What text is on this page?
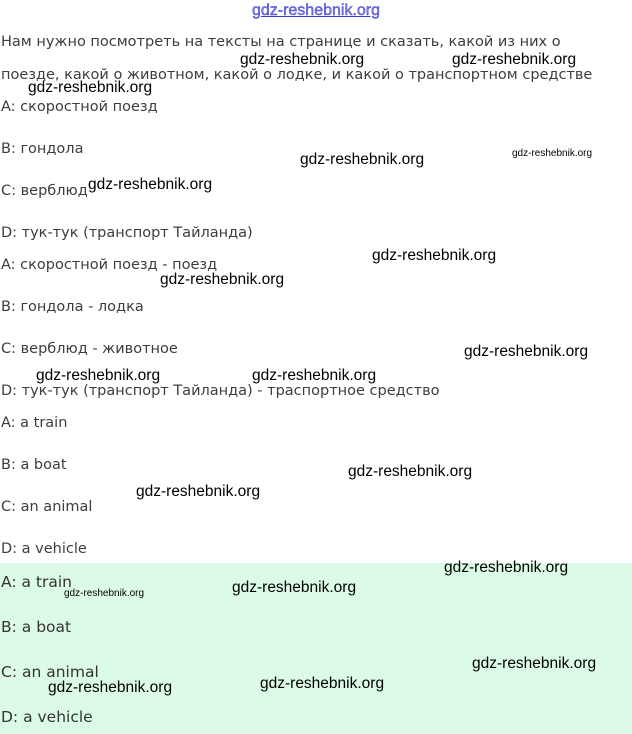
gdz-reshebnik.org
Нам нужно посмотреть на тексты на странице и сказать, какой из них о
поезде, какой о животном, какой о лодке, и какой о транспортном средстве
A: скоростной поезд
B: гондола
C: верблюд
D: тук-тук (транспорт Тайланда)
A: скоростной поезд - поезд
B: гондола - лодка
C: верблюд - животное
D: тук-тук (транспорт Тайланда) - траспортное средство
A: a train
B: a boat
C: an animal
D: a vehicle
A: a train
B: a boat
C: an animal
D: a vehicle
gdz-reshebnik.org	gdz-reshebnik.org
gdz-reshebnik.org
gdz-reshebnik.org	gdz-reshebnik.org
gdz-reshebnik.org
gdz-reshebnik.org
gdz-reshebnik.org
gdz-reshebnik.org
gdz-reshebnik.org	gdz-reshebnik.org
gdz-reshebnik.org
gdz-reshebnik.org
gdz-reshebnik.org
gdz-reshebnik.org
gdz-reshebnik.org
gdz-reshebnik.org
gdz-reshebnik.org	gdz-reshebnik.org
